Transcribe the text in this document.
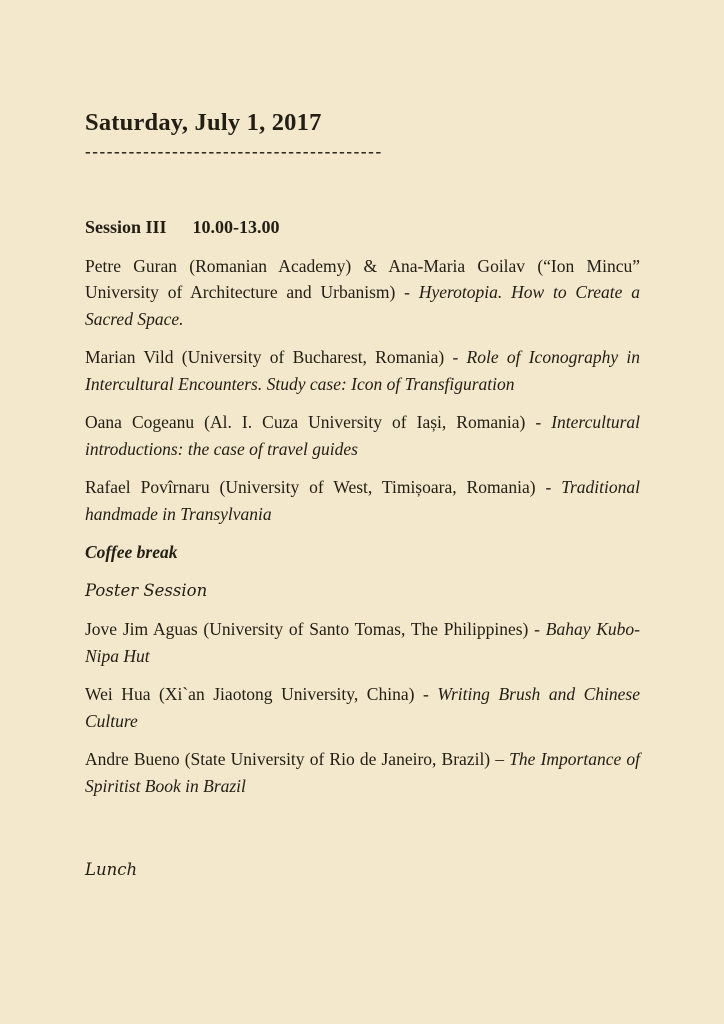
Saturday, July 1, 2017
-----------------------------------------
Session III 10.00-13.00

Petre Guran (Romanian Academy) & Ana-Maria Goilav (“Ion Mincu” University of Architecture and Urbanism) - Hyerotopia. How to Create a Sacred Space.

Marian Vild (University of Bucharest, Romania) - Role of Iconography in Intercultural Encounters. Study case: Icon of Transfiguration

Oana Cogeanu (Al. I. Cuza University of Iași, Romania) - Intercultural introductions: the case of travel guides

Rafael Povîrnaru (University of West, Timișoara, Romania) - Traditional handmade in Transylvania

Coffee break

Poster Session

Jove Jim Aguas (University of Santo Tomas, The Philippines) - Bahay Kubo-Nipa Hut

Wei Hua (Xi`an Jiaotong University, China) - Writing Brush and Chinese Culture

Andre Bueno (State University of Rio de Janeiro, Brazil) – The Importance of Spiritist Book in Brazil

Lunch
